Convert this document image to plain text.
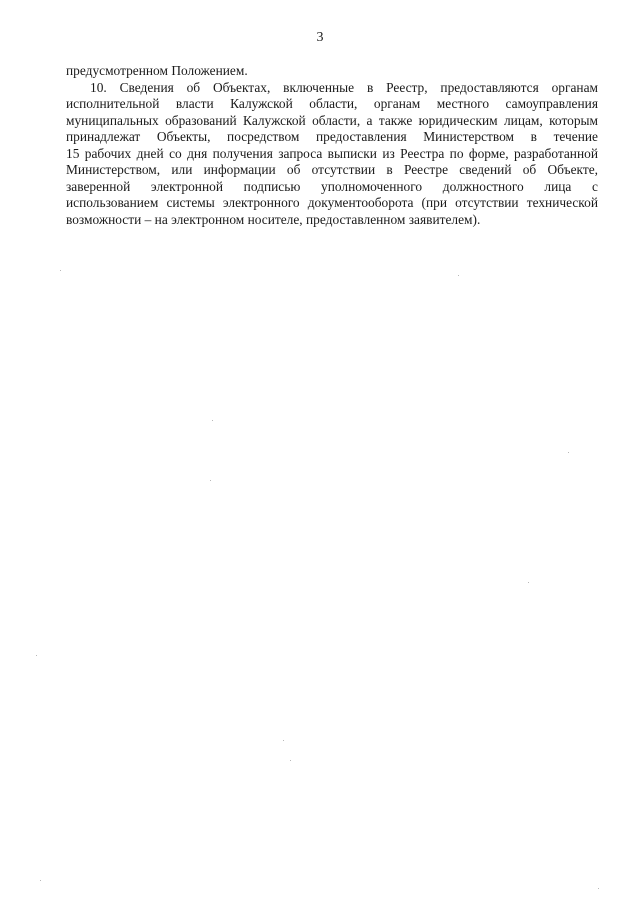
3
предусмотренном Положением.
10. Сведения об Объектах, включенные в Реестр, предоставляются органам
исполнительной власти Калужской области, органам местного самоуправления
муниципальных образований Калужской области, а также юридическим лицам, которым
принадлежат Объекты, посредством предоставления Министерством в течение
15 рабочих дней со дня получения запроса выписки из Реестра по форме, разработанной
Министерством, или информации об отсутствии в Реестре сведений об Объекте,
заверенной электронной подписью уполномоченного должностного лица с
использованием системы электронного документооборота (при отсутствии технической
возможности – на электронном носителе, предоставленном заявителем).
